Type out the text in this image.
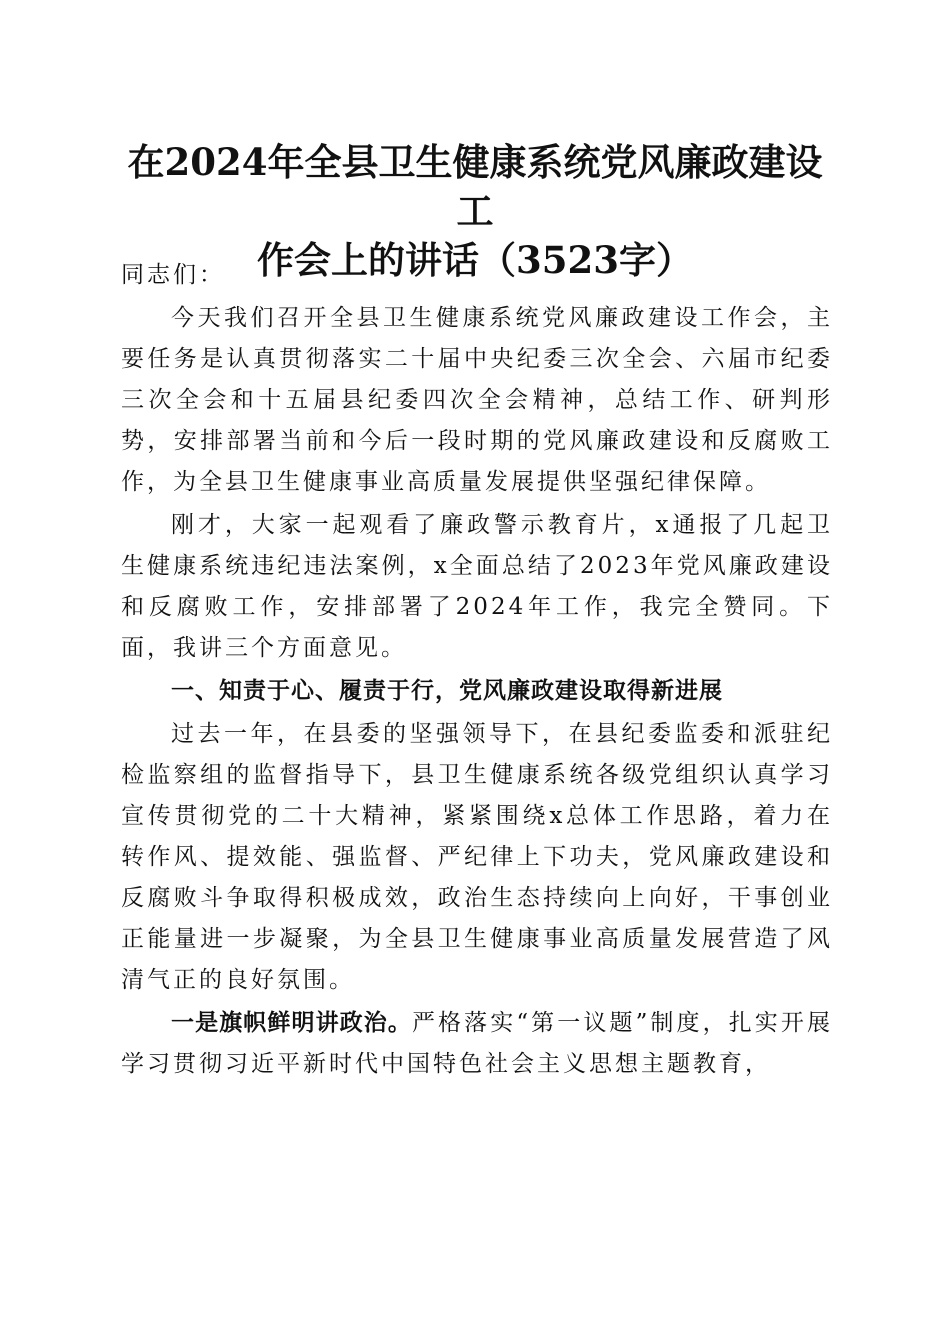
在2024年全县卫生健康系统党风廉政建设工
作会上的讲话（3523字）

同志们：

今天我们召开全县卫生健康系统党风廉政建设工作会，主要任务是认真贯彻落实二十届中央纪委三次全会、六届市纪委三次全会和十五届县纪委四次全会精神，总结工作、研判形势，安排部署当前和今后一段时期的党风廉政建设和反腐败工作，为全县卫生健康事业高质量发展提供坚强纪律保障。

刚才，大家一起观看了廉政警示教育片，x通报了几起卫生健康系统违纪违法案例，x全面总结了2023年党风廉政建设和反腐败工作，安排部署了2024年工作，我完全赞同。下面，我讲三个方面意见。

一、知责于心、履责于行，党风廉政建设取得新进展

过去一年，在县委的坚强领导下，在县纪委监委和派驻纪检监察组的监督指导下，县卫生健康系统各级党组织认真学习宣传贯彻党的二十大精神，紧紧围绕x总体工作思路，着力在转作风、提效能、强监督、严纪律上下功夫，党风廉政建设和反腐败斗争取得积极成效，政治生态持续向上向好，干事创业正能量进一步凝聚，为全县卫生健康事业高质量发展营造了风清气正的良好氛围。

一是旗帜鲜明讲政治。严格落实“第一议题”制度，扎实开展学习贯彻习近平新时代中国特色社会主义思想主题教育，
